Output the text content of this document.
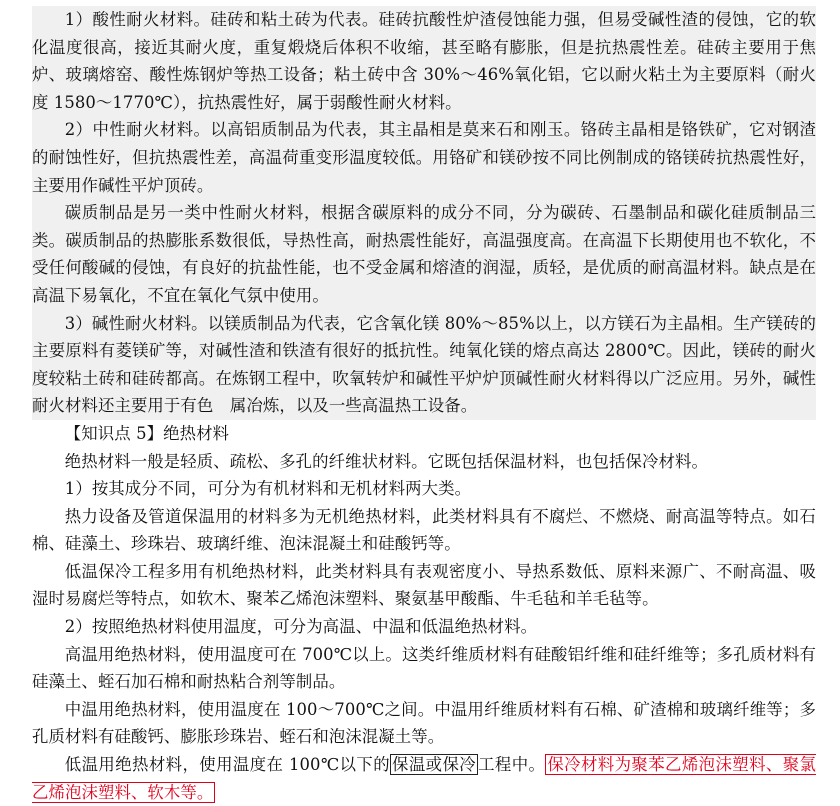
1）酸性耐火材料。硅砖和粘土砖为代表。硅砖抗酸性炉渣侵蚀能力强，但易受碱性渣的侵蚀，它的软化温度很高，接近其耐火度，重复煅烧后体积不收缩，甚至略有膨胀，但是抗热震性差。硅砖主要用于焦炉、玻璃熔窑、酸性炼钢炉等热工设备；粘土砖中含 30%～46%氧化铝，它以耐火粘土为主要原料（耐火度 1580～1770℃），抗热震性好，属于弱酸性耐火材料。

2）中性耐火材料。以高铝质制品为代表，其主晶相是莫来石和刚玉。铬砖主晶相是铬铁矿，它对钢渣的耐蚀性好，但抗热震性差，高温荷重变形温度较低。用铬矿和镁砂按不同比例制成的铬镁砖抗热震性好，主要用作碱性平炉顶砖。

碳质制品是另一类中性耐火材料，根据含碳原料的成分不同，分为碳砖、石墨制品和碳化硅质制品三类。碳质制品的热膨胀系数很低，导热性高，耐热震性能好，高温强度高。在高温下长期使用也不软化，不受任何酸碱的侵蚀，有良好的抗盐性能，也不受金属和熔渣的润湿，质轻，是优质的耐高温材料。缺点是在高温下易氧化，不宜在氧化气氛中使用。

3）碱性耐火材料。以镁质制品为代表，它含氧化镁 80%～85%以上，以方镁石为主晶相。生产镁砖的主要原料有菱镁矿等，对碱性渣和铁渣有很好的抵抗性。纯氧化镁的熔点高达 2800℃。因此，镁砖的耐火度较粘土砖和硅砖都高。在炼钢工程中，吹氧转炉和碱性平炉炉顶碱性耐火材料得以广泛应用。另外，碱性耐火材料还主要用于有色　属冶炼，以及一些高温热工设备。

【知识点 5】绝热材料

绝热材料一般是轻质、疏松、多孔的纤维状材料。它既包括保温材料，也包括保冷材料。

1）按其成分不同，可分为有机材料和无机材料两大类。

热力设备及管道保温用的材料多为无机绝热材料，此类材料具有不腐烂、不燃烧、耐高温等特点。如石棉、硅藻土、珍珠岩、玻璃纤维、泡沫混凝土和硅酸钙等。

低温保冷工程多用有机绝热材料，此类材料具有表观密度小、导热系数低、原料来源广、不耐高温、吸湿时易腐烂等特点，如软木、聚苯乙烯泡沫塑料、聚氨基甲酸酯、牛毛毡和羊毛毡等。

2）按照绝热材料使用温度，可分为高温、中温和低温绝热材料。

高温用绝热材料，使用温度可在 700℃以上。这类纤维质材料有硅酸铝纤维和硅纤维等；多孔质材料有硅藻土、蛭石加石棉和耐热粘合剂等制品。

中温用绝热材料，使用温度在 100～700℃之间。中温用纤维质材料有石棉、矿渣棉和玻璃纤维等；多孔质材料有硅酸钙、膨胀珍珠岩、蛭石和泡沫混凝土等。

低温用绝热材料，使用温度在 100℃以下的 保温或保冷 工程中。 保冷材料为聚苯乙烯泡沫塑料、聚氯乙烯泡沫塑料、软木等。
